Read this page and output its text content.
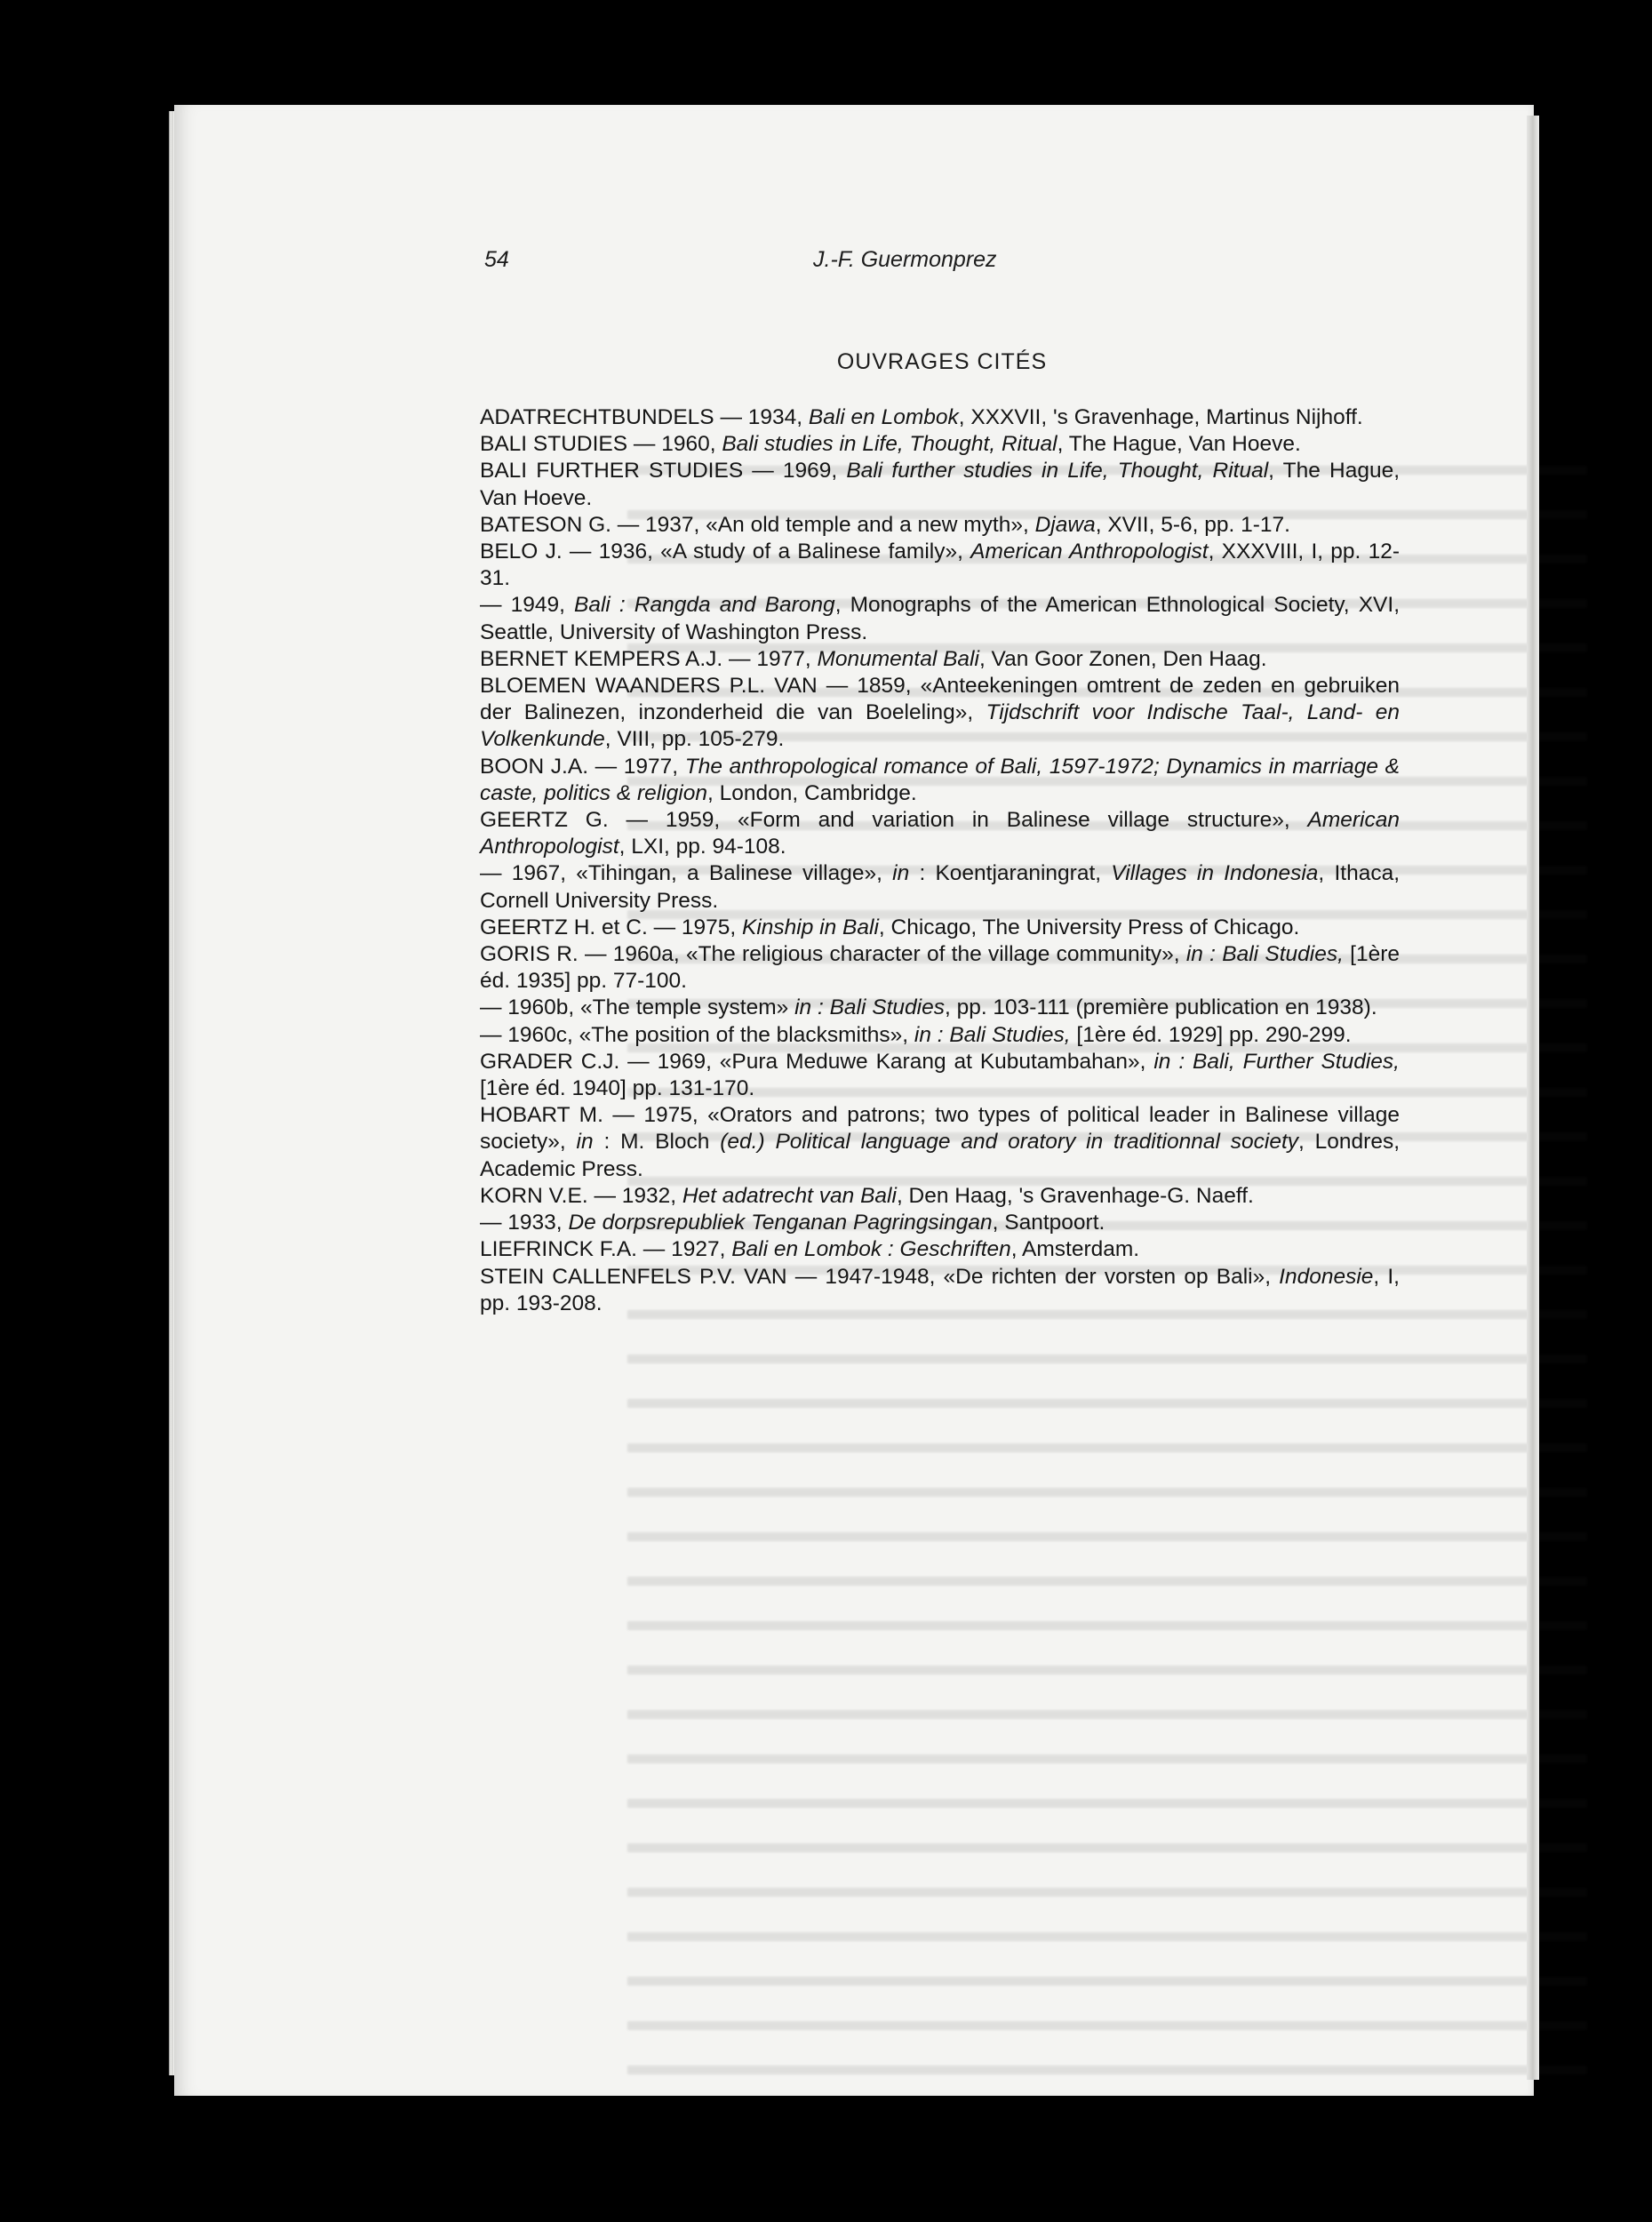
54	J.-F. Guermonprez
OUVRAGES CITÉS

ADATRECHTBUNDELS — 1934, Bali en Lombok, XXXVII, 's Gravenhage, Martinus Nijhoff.

BALI STUDIES — 1960, Bali studies in Life, Thought, Ritual, The Hague, Van Hoeve.

BALI FURTHER STUDIES — 1969, Bali further studies in Life, Thought, Ritual, The Hague, Van Hoeve.

BATESON G. — 1937, «An old temple and a new myth», Djawa, XVII, 5-6, pp. 1-17.

BELO J. — 1936, «A study of a Balinese family», American Anthropologist, XXXVIII, I, pp. 12-31.

— 1949, Bali : Rangda and Barong, Monographs of the American Ethnological Society, XVI, Seattle, University of Washington Press.

BERNET KEMPERS A.J. — 1977, Monumental Bali, Van Goor Zonen, Den Haag.

BLOEMEN WAANDERS P.L. VAN — 1859, «Anteekeningen omtrent de zeden en gebruiken der Balinezen, inzonderheid die van Boeleling», Tijdschrift voor Indische Taal-, Land- en Volkenkunde, VIII, pp. 105-279.

BOON J.A. — 1977, The anthropological romance of Bali, 1597-1972; Dynamics in marriage & caste, politics & religion, London, Cambridge.

GEERTZ G. — 1959, «Form and variation in Balinese village structure», American Anthropologist, LXI, pp. 94-108.

— 1967, «Tihingan, a Balinese village», in : Koentjaraningrat, Villages in Indonesia, Ithaca, Cornell University Press.

GEERTZ H. et C. — 1975, Kinship in Bali, Chicago, The University Press of Chicago.

GORIS R. — 1960a, «The religious character of the village community», in : Bali Studies, [1ère éd. 1935] pp. 77-100.

— 1960b, «The temple system» in : Bali Studies, pp. 103-111 (première publication en 1938).

— 1960c, «The position of the blacksmiths», in : Bali Studies, [1ère éd. 1929] pp. 290-299.

GRADER C.J. — 1969, «Pura Meduwe Karang at Kubutambahan», in : Bali, Further Studies, [1ère éd. 1940] pp. 131-170.

HOBART M. — 1975, «Orators and patrons; two types of political leader in Balinese village society», in : M. Bloch (ed.) Political language and oratory in traditionnal society, Londres, Academic Press.

KORN V.E. — 1932, Het adatrecht van Bali, Den Haag, 's Gravenhage-G. Naeff.

— 1933, De dorpsrepubliek Tenganan Pagringsingan, Santpoort.

LIEFRINCK F.A. — 1927, Bali en Lombok : Geschriften, Amsterdam.

STEIN CALLENFELS P.V. VAN — 1947-1948, «De richten der vorsten op Bali», Indonesie, I, pp. 193-208.
